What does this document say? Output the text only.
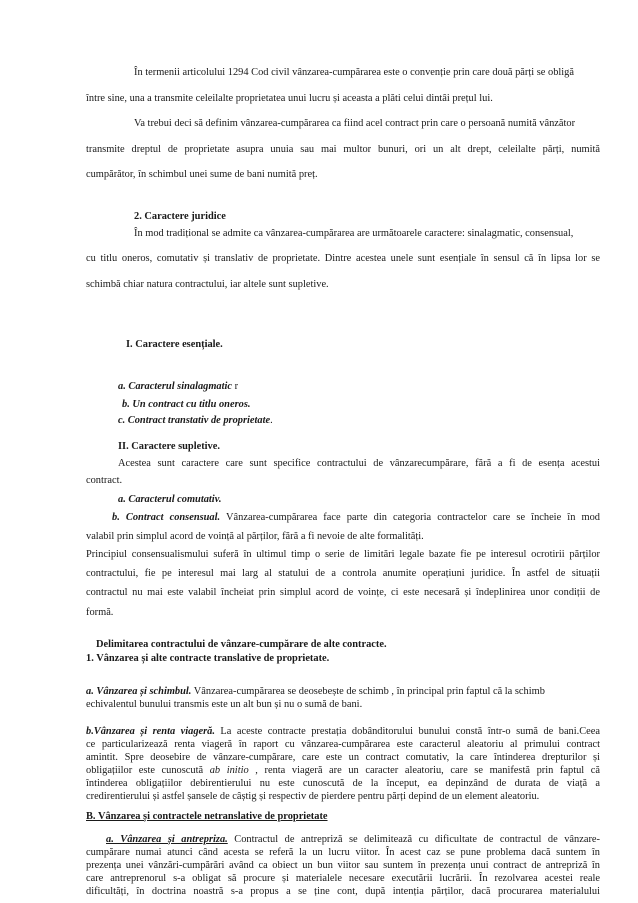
În termenii articolului 1294 Cod civil vânzarea-cumpărarea este o convenție prin care două părți se obligă
între sine, una a transmite celeilalte proprietatea unui lucru și aceasta a plăti celui dintâi prețul lui.
Va trebui deci să definim vânzarea-cumpărarea ca fiind acel contract prin care o persoană numită vânzător
transmite dreptul de proprietate asupra unuia sau mai multor bunuri, ori un alt drept, celeilalte părți, numită
cumpărător, în schimbul unei sume de bani numită preț.
2. Caractere juridice
În mod tradițional se admite ca vânzarea-cumpărarea are următoarele caractere: sinalagmatic, consensual,
cu titlu oneros, comutativ și translativ de proprietate. Dintre acestea unele sunt esențiale în sensul că în lipsa lor se
schimbă chiar natura contractului, iar altele sunt supletive.
I. Caractere esențiale.
a. Caracterul sinalagmatic r
b. Un contract cu titlu oneros.
c. Contract transtativ de proprietate.
II. Caractere supletive.
Acestea sunt caractere care sunt specifice contractului de vânzarecumpărare, fără a fi de esența acestui
contract.
a. Caracterul comutativ.
b. Contract consensual. Vânzarea-cumpărarea face parte din categoria contractelor care se încheie în mod
valabil prin simplul acord de voință al părților, fără a fi nevoie de alte formalități.
Principiul consensualismului suferă în ultimul timp o serie de limitări legale bazate fie pe interesul ocrotirii părților
contractului, fie pe interesul mai larg al statului de a controla anumite operațiuni juridice. În astfel de situații
contractul nu mai este valabil încheiat prin simplul acord de voințe, ci este necesară și îndeplinirea unor condiții de
formă.
Delimitarea contractului de vânzare-cumpărare de alte contracte.
1. Vânzarea și alte contracte translative de proprietate.
a. Vânzarea și schimbul. Vânzarea-cumpărarea se deosebește de schimb , în principal prin faptul că la schimb
echivalentul bunului transmis este un alt bun și nu o sumă de bani.
b.Vânzarea și renta viageră. La aceste contracte prestația dobânditorului bunului constă într-o sumă de bani.Ceea
ce particularizează renta viageră în raport cu vânzarea-cumpărarea este caracterul aleatoriu al primului contract
amintit. Spre deosebire de vânzare-cumpărare, care este un contract comutativ, la care întinderea drepturilor și
obligațiilor este cunoscută ab initio , renta viageră are un caracter aleatoriu, care se manifestă prin faptul că
întinderea obligațiilor debirentierului nu este cunoscută de la început, ea depinzând de durata de viață a
credirentierului și astfel șansele de câștig și respectiv de pierdere pentru părți depind de un element aleatoriu.
B. Vânzarea și contractele netranslative de proprietate
a. Vânzarea și antrepriza. Contractul de antrepriză se delimitează cu dificultate de contractul de vânzare-
cumpărare numai atunci când acesta se referă la un lucru viitor. În acest caz se pune problema dacă suntem în
prezența unei vânzări-cumpărări având ca obiect un bun viitor sau suntem în prezența unui contract de antrepriză în
care antreprenorul s-a obligat să procure și materialele necesare executării lucrării. În rezolvarea acestei reale
dificultăți, în doctrina noastră s-a propus a se ține cont, după intenția părților, dacă procurarea materialului
